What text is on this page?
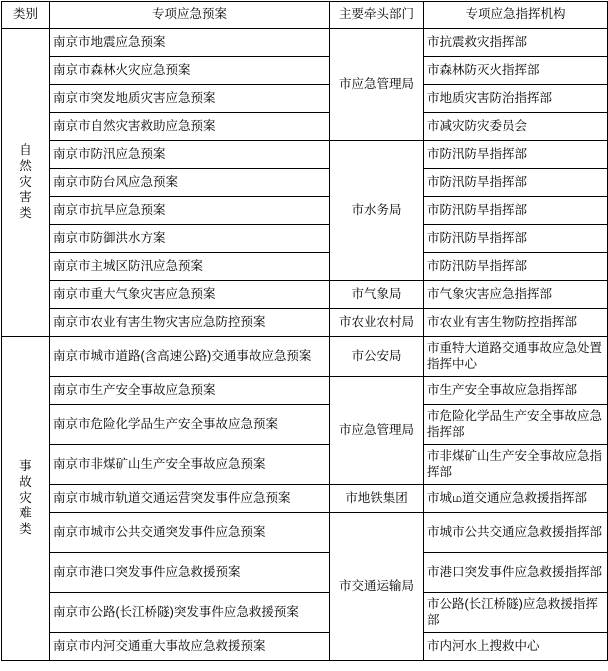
类别	专项应急预案	主要牵头部门	专项应急指挥机构
自然灾害类	南京市地震应急预案	市应急管理局	市抗震救灾指挥部
	南京市森林火灾应急预案		市森林防灭火指挥部
	南京市突发地质灾害应急预案		市地质灾害防治指挥部
	南京市自然灾害救助应急预案		市减灾防灾委员会
	南京市防汛应急预案	市水务局	市防汛防旱指挥部
	南京市防台风应急预案		市防汛防旱指挥部
	南京市抗旱应急预案		市防汛防旱指挥部
	南京市防御洪水方案		市防汛防旱指挥部
	南京市主城区防汛应急预案		市防汛防旱指挥部
	南京市重大气象灾害应急预案	市气象局	市气象灾害应急指挥部
	南京市农业有害生物灾害应急防控预案	市农业农村局	市农业有害生物防控指挥部
事故灾难类	南京市城市道路(含高速公路)交通事故应急预案	市公安局	市重特大道路交通事故应急处置指挥中心
	南京市生产安全事故应急预案	市应急管理局	市生产安全事故应急指挥部
	南京市危险化学品生产安全事故应急预案		市危险化学品生产安全事故应急指挥部
	南京市非煤矿山生产安全事故应急预案		市非煤矿山生产安全事故应急指挥部
	南京市城市轨道交通运营突发事件应急预案	市地铁集团	市城ம道交通应急救援指挥部
	南京市城市公共交通突发事件应急预案	市交通运输局	市城市公共交通应急救援指挥部
	南京市港口突发事件应急救援预案		市港口突发事件应急救援指挥部
	南京市公路(长江桥隧)突发事件应急救援预案		市公路(长江桥隧)应急救援指挥部
	南京市内河交通重大事故应急救援预案		市内河水上搜救中心
